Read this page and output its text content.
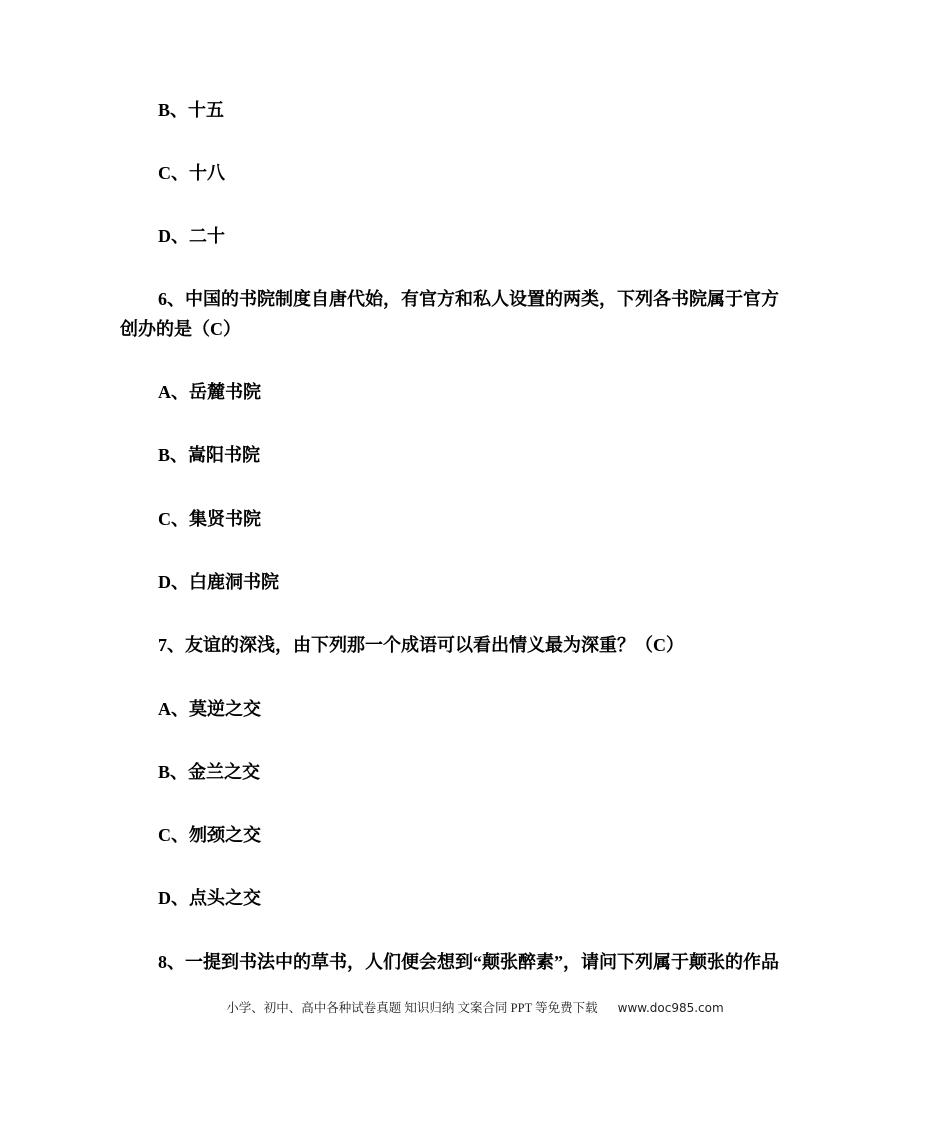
B、十五
C、十八
D、二十
6、中国的书院制度自唐代始，有官方和私人设置的两类，下列各书院属于官方创办的是（C）
A、岳麓书院
B、嵩阳书院
C、集贤书院
D、白鹿洞书院
7、友谊的深浅，由下列那一个成语可以看出情义最为深重？（C）
A、莫逆之交
B、金兰之交
C、刎颈之交
D、点头之交
8、一提到书法中的草书，人们便会想到“颠张醉素”，请问下列属于颠张的作品
小学、初中、高中各种试卷真题 知识归纳 文案合同 PPT 等免费下载 www.doc985.com
